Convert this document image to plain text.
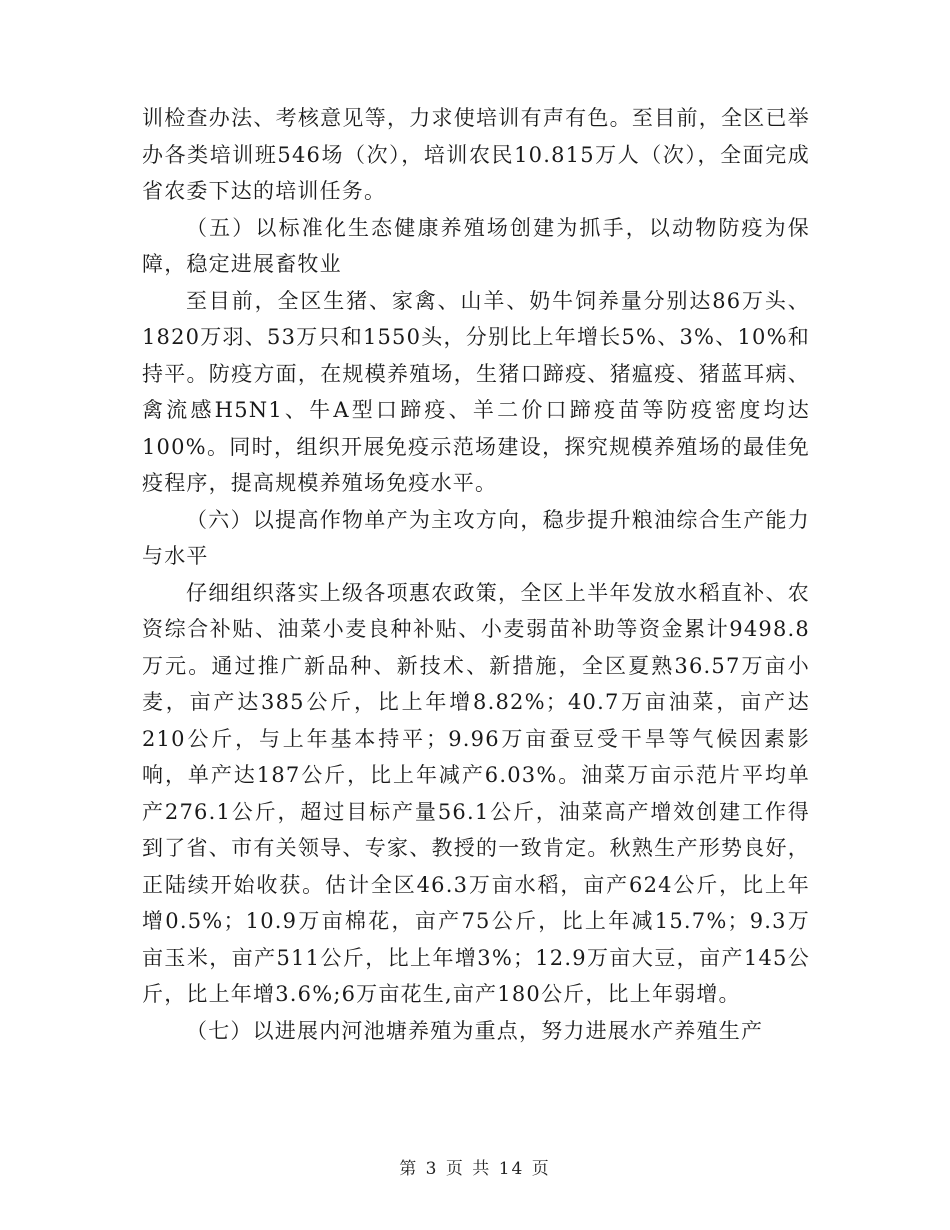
训检查办法、考核意见等，力求使培训有声有色。至目前，全区已举办各类培训班546场（次），培训农民10.815万人（次），全面完成省农委下达的培训任务。

（五）以标准化生态健康养殖场创建为抓手，以动物防疫为保障，稳定进展畜牧业

至目前，全区生猪、家禽、山羊、奶牛饲养量分别达86万头、1820万羽、53万只和1550头，分别比上年增长5%、3%、10%和持平。防疫方面，在规模养殖场，生猪口蹄疫、猪瘟疫、猪蓝耳病、禽流感H5N1、牛A型口蹄疫、羊二价口蹄疫苗等防疫密度均达100%。同时，组织开展免疫示范场建设，探究规模养殖场的最佳免疫程序，提高规模养殖场免疫水平。

（六）以提高作物单产为主攻方向，稳步提升粮油综合生产能力与水平

仔细组织落实上级各项惠农政策，全区上半年发放水稻直补、农资综合补贴、油菜小麦良种补贴、小麦弱苗补助等资金累计9498.8万元。通过推广新品种、新技术、新措施，全区夏熟36.57万亩小麦，亩产达385公斤，比上年增8.82%；40.7万亩油菜，亩产达210公斤，与上年基本持平；9.96万亩蚕豆受干旱等气候因素影响，单产达187公斤，比上年减产6.03%。油菜万亩示范片平均单产276.1公斤，超过目标产量56.1公斤，油菜高产增效创建工作得到了省、市有关领导、专家、教授的一致肯定。秋熟生产形势良好，正陆续开始收获。估计全区46.3万亩水稻，亩产624公斤，比上年增0.5%；10.9万亩棉花，亩产75公斤，比上年减15.7%；9.3万亩玉米，亩产511公斤，比上年增3%；12.9万亩大豆，亩产145公斤，比上年增3.6%;6万亩花生,亩产180公斤，比上年弱增。

（七）以进展内河池塘养殖为重点，努力进展水产养殖生产

第 3 页 共 14 页
